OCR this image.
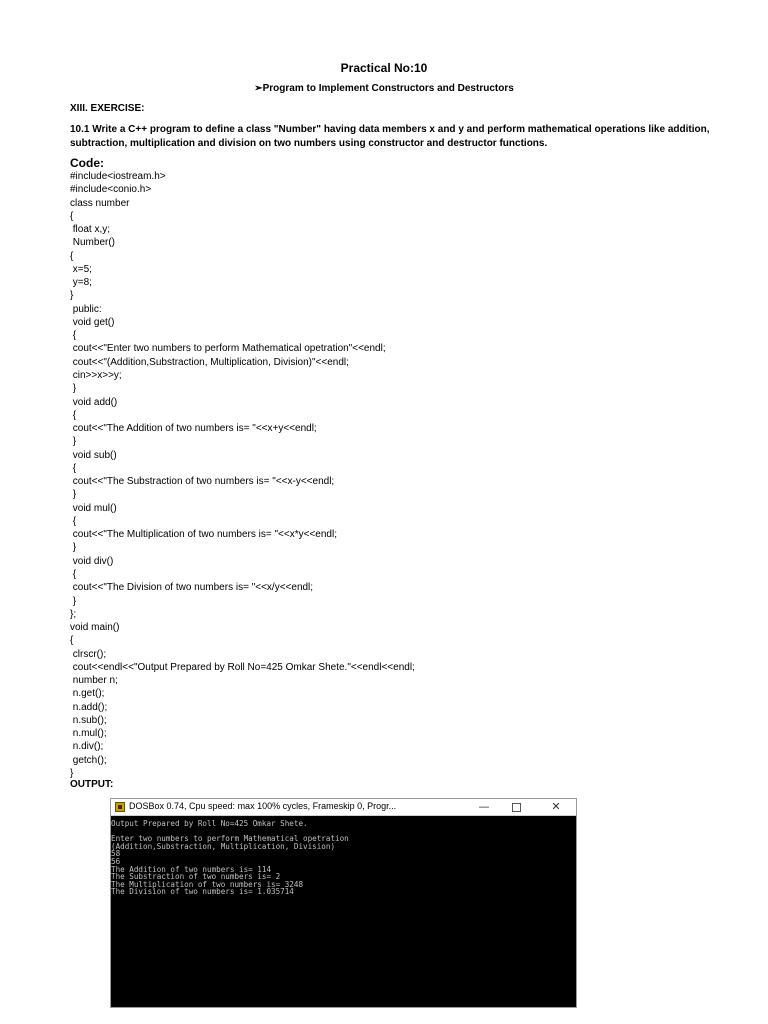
Practical No:10
➢Program to Implement Constructors and Destructors
XIII. EXERCISE:
10.1 Write a C++ program to define a class "Number" having data members x and y and perform mathematical operations like addition, subtraction, multiplication and division on two numbers using constructor and destructor functions.
Code:
#include<iostream.h>
#include<conio.h>
class number
{
float x,y;
Number()
{
x=5;
y=8;
}
public:
void get()
{
cout<<"Enter two numbers to perform Mathematical opetration"<<endl;
cout<<"(Addition,Substraction, Multiplication, Division)"<<endl;
cin>>x>>y;
}
void add()
{
cout<<"The Addition of two numbers is= "<<x+y<<endl;
}
void sub()
{
cout<<"The Substraction of two numbers is= "<<x-y<<endl;
}
void mul()
{
cout<<"The Multiplication of two numbers is= "<<x*y<<endl;
}
void div()
{
cout<<"The Division of two numbers is= "<<x/y<<endl;
}
};
void main()
{
clrscr();
cout<<endl<<"Output Prepared by Roll No=425 Omkar Shete."<<endl<<endl;
number n;
n.get();
n.add();
n.sub();
n.mul();
n.div();
getch();
}
OUTPUT:
DOSBox 0.74, Cpu speed: max 100% cycles, Frameskip 0, Progr...	—	✕
Output Prepared by Roll No=425 Omkar Shete.
Enter two numbers to perform Mathematical opetration
(Addition,Substraction, Multiplication, Division)
58
56
The Addition of two numbers is= 114
The Substraction of two numbers is= 2
The Multiplication of two numbers is= 3248
The Division of two numbers is= 1.035714
